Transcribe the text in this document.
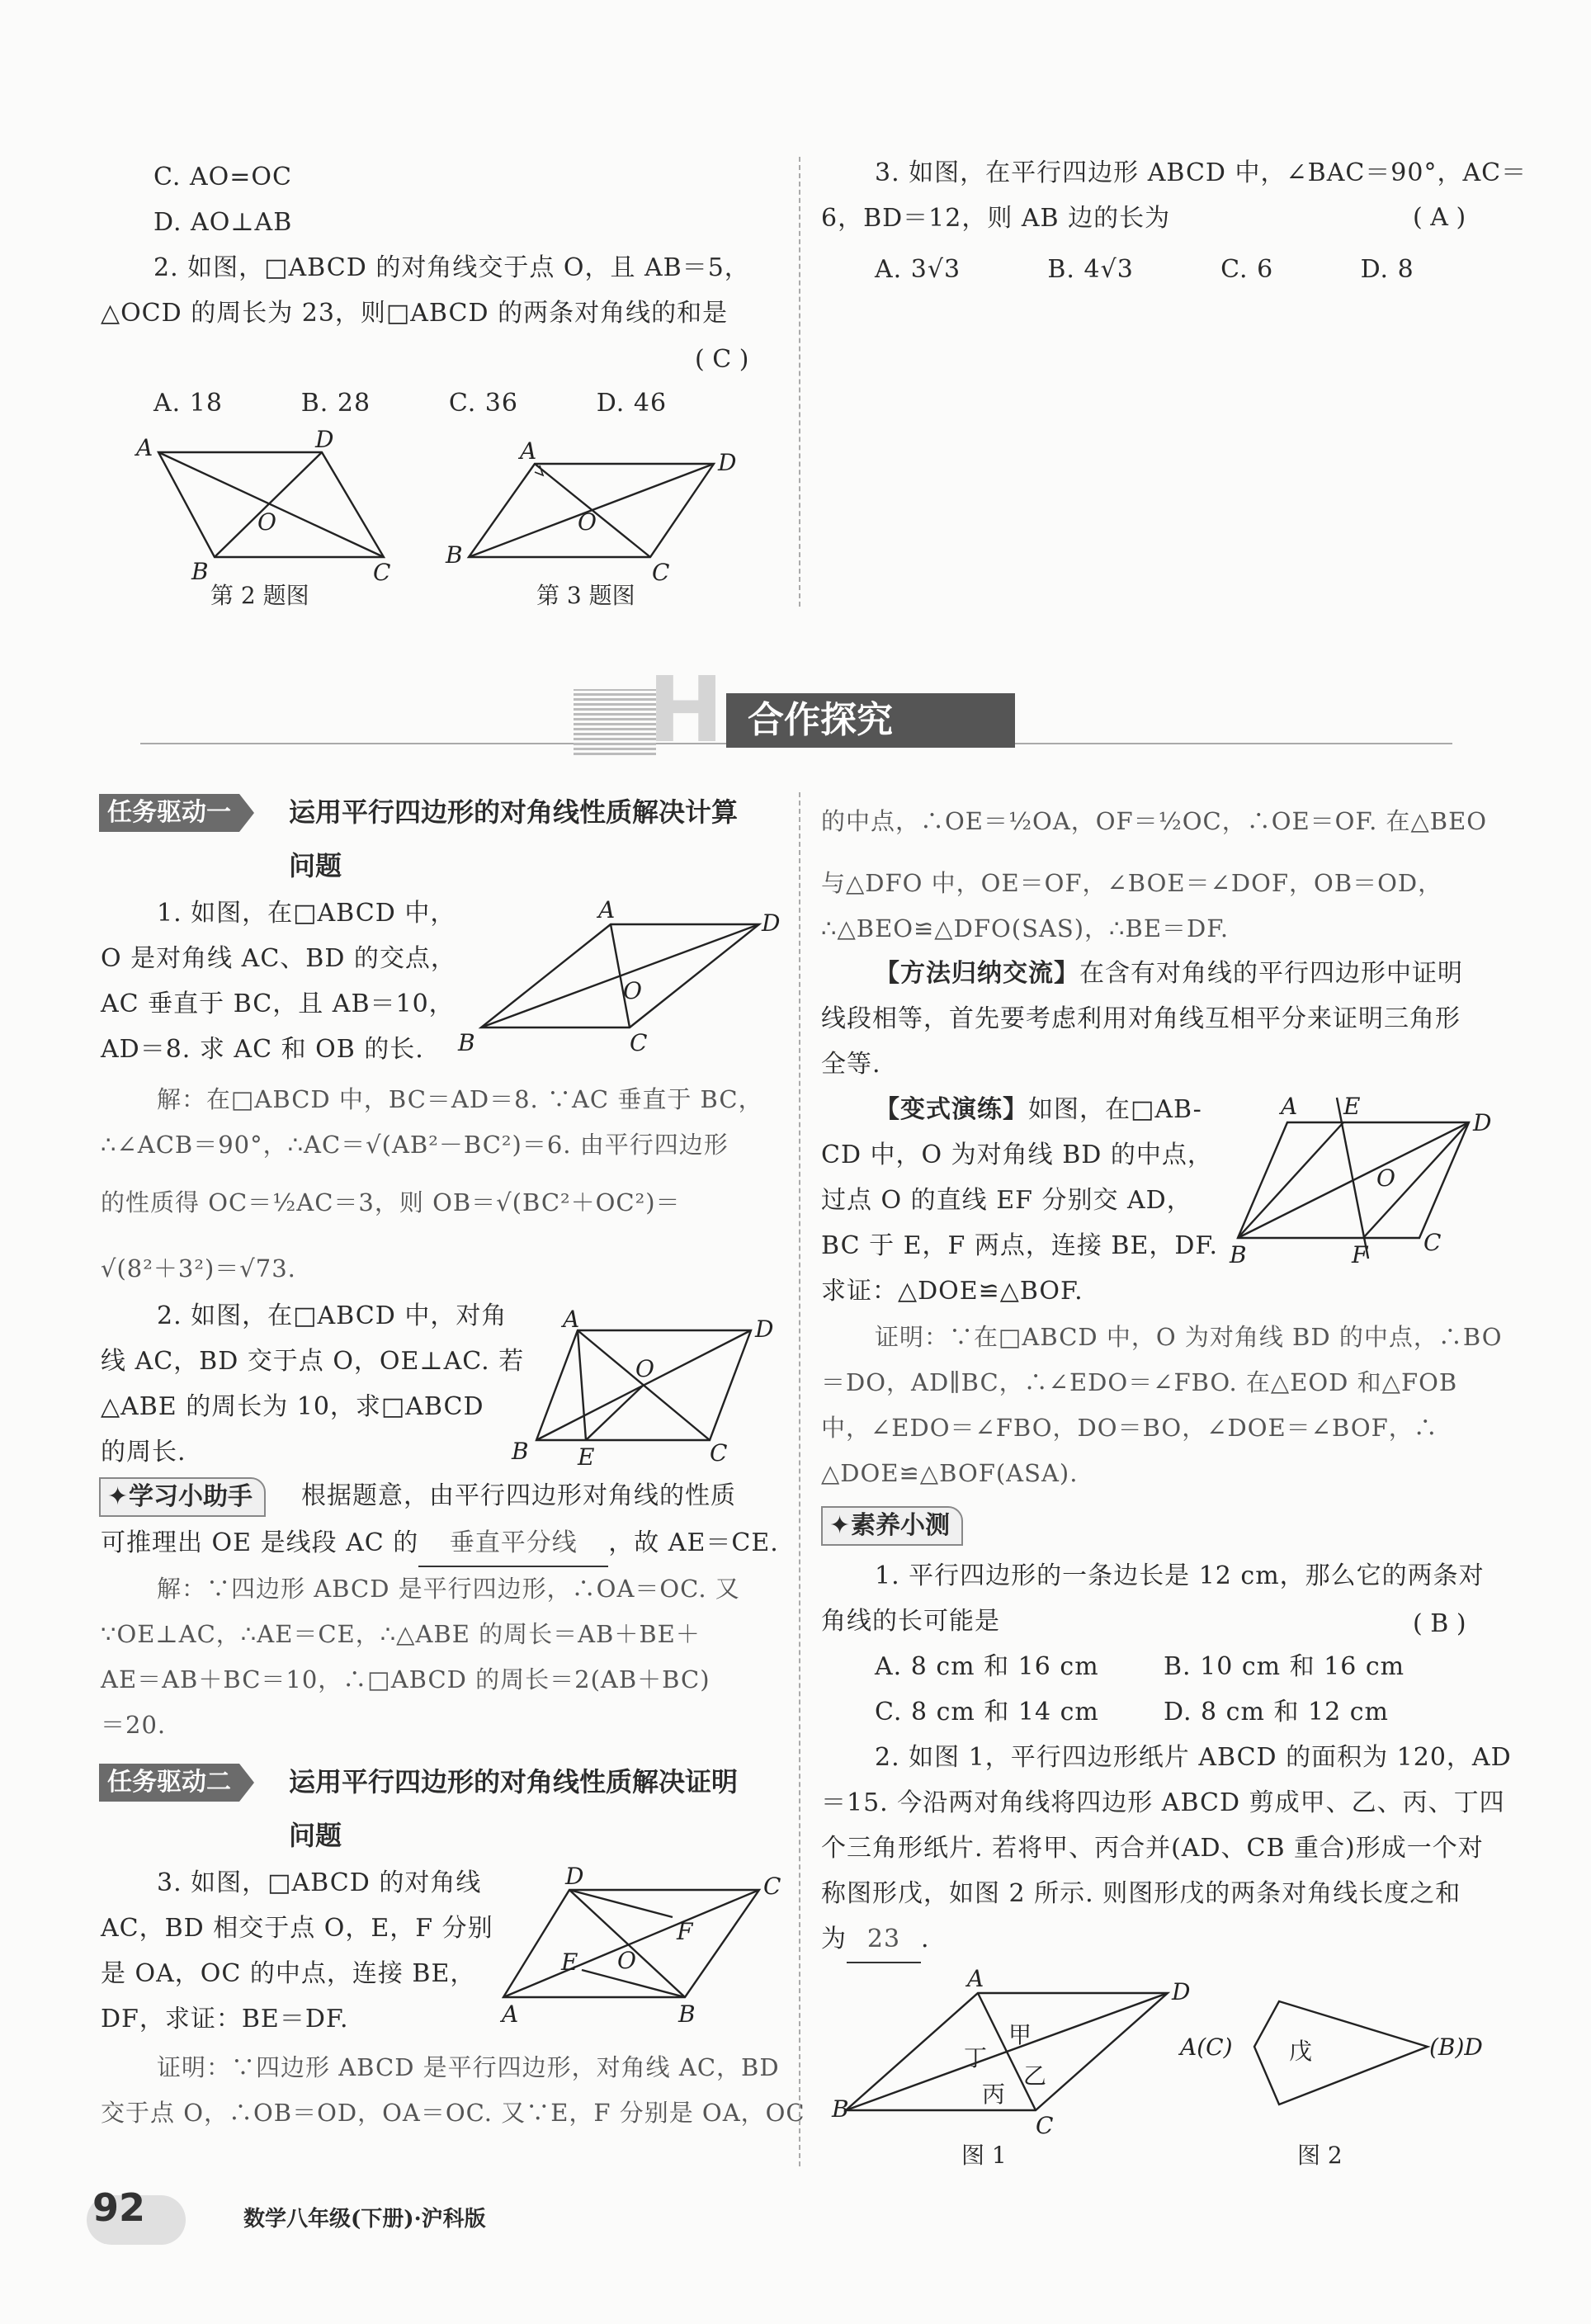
C. AO=OC
D. AO⊥AB
2. 如图，□ABCD 的对角线交于点 O，且 AB＝5，
△OCD 的周长为 23，则□ABCD 的两条对角线的和是
( C )
A. 18         B. 28         C. 36         D. 46
A	D
B	C
O
第 2 题图
A	D
B
C
O
第 3 题图
3. 如图，在平行四边形 ABCD 中，∠BAC＝90°，AC＝
6，BD＝12，则 AB 边的长为	( A )
A. 3√3          B. 4√3          C. 6          D. 8
H 合作探究
任务驱动一	运用平行四边形的对角线性质解决计算
问题
1. 如图，在□ABCD 中，
O 是对角线 AC、BD 的交点，
AC 垂直于 BC，且 AB＝10，
AD＝8. 求 AC 和 OB 的长.
A	D
B	C
O
解：在□ABCD 中，BC＝AD＝8. ∵AC 垂直于 BC，
∴∠ACB＝90°，∴AC＝√(AB²－BC²)＝6. 由平行四边形
的性质得 OC＝½AC＝3，则 OB＝√(BC²＋OC²)＝
√(8²＋3²)＝√73.
2. 如图，在□ABCD 中，对角
线 AC，BD 交于点 O，OE⊥AC. 若
△ABE 的周长为 10，求□ABCD
的周长.
A	D
B	C
E
O
✦ 学习小助手	根据题意，由平行四边形对角线的性质
可推理出 OE 是线段 AC 的 垂直平分线 ，故 AE＝CE.
解：∵四边形 ABCD 是平行四边形，∴OA＝OC. 又
∵OE⊥AC，∴AE＝CE，∴△ABE 的周长＝AB＋BE＋
AE＝AB＋BC＝10，∴□ABCD 的周长＝2(AB＋BC)
＝20.
任务驱动二	运用平行四边形的对角线性质解决证明
问题
3. 如图，□ABCD 的对角线
AC，BD 相交于点 O，E，F 分别
是 OA，OC 的中点，连接 BE，
DF，求证：BE＝DF.
D	C
A	B
E
F
O
证明：∵四边形 ABCD 是平行四边形，对角线 AC，BD
交于点 O，∴OB＝OD，OA＝OC. 又∵E，F 分别是 OA，OC
的中点，∴OE＝½OA，OF＝½OC，∴OE＝OF. 在△BEO
与△DFO 中，OE＝OF，∠BOE＝∠DOF，OB＝OD，
∴△BEO≌△DFO(SAS)，∴BE＝DF.
【方法归纳交流】在含有对角线的平行四边形中证明
线段相等，首先要考虑利用对角线互相平分来证明三角形
全等.
【变式演练】如图，在□AB-
CD 中，O 为对角线 BD 的中点，
过点 O 的直线 EF 分别交 AD，
BC 于 E，F 两点，连接 BE，DF.
求证：△DOE≌△BOF.
A E
D
B	C
F
O
证明：∵在□ABCD 中，O 为对角线 BD 的中点，∴BO
＝DO，AD∥BC，∴∠EDO＝∠FBO. 在△EOD 和△FOB
中，∠EDO＝∠FBO，DO＝BO，∠DOE＝∠BOF，∴
△DOE≌△BOF(ASA).
✦ 素养小测
1. 平行四边形的一条边长是 12 cm，那么它的两条对
角线的长可能是	( B )
A. 8 cm 和 16 cm	B. 10 cm 和 16 cm
C. 8 cm 和 14 cm	D. 8 cm 和 12 cm
2. 如图 1，平行四边形纸片 ABCD 的面积为 120，AD
＝15. 今沿两对角线将四边形 ABCD 剪成甲、乙、丙、丁四
个三角形纸片. 若将甲、丙合并(AD、CB 重合)形成一个对
称图形戊，如图 2 所示. 则图形戊的两条对角线长度之和
为 23 .
A	D
B
C
甲
丁
乙
丙
A(C) 戊	(B)D
图 1	图 2
92	数学八年级(下册)·沪科版
